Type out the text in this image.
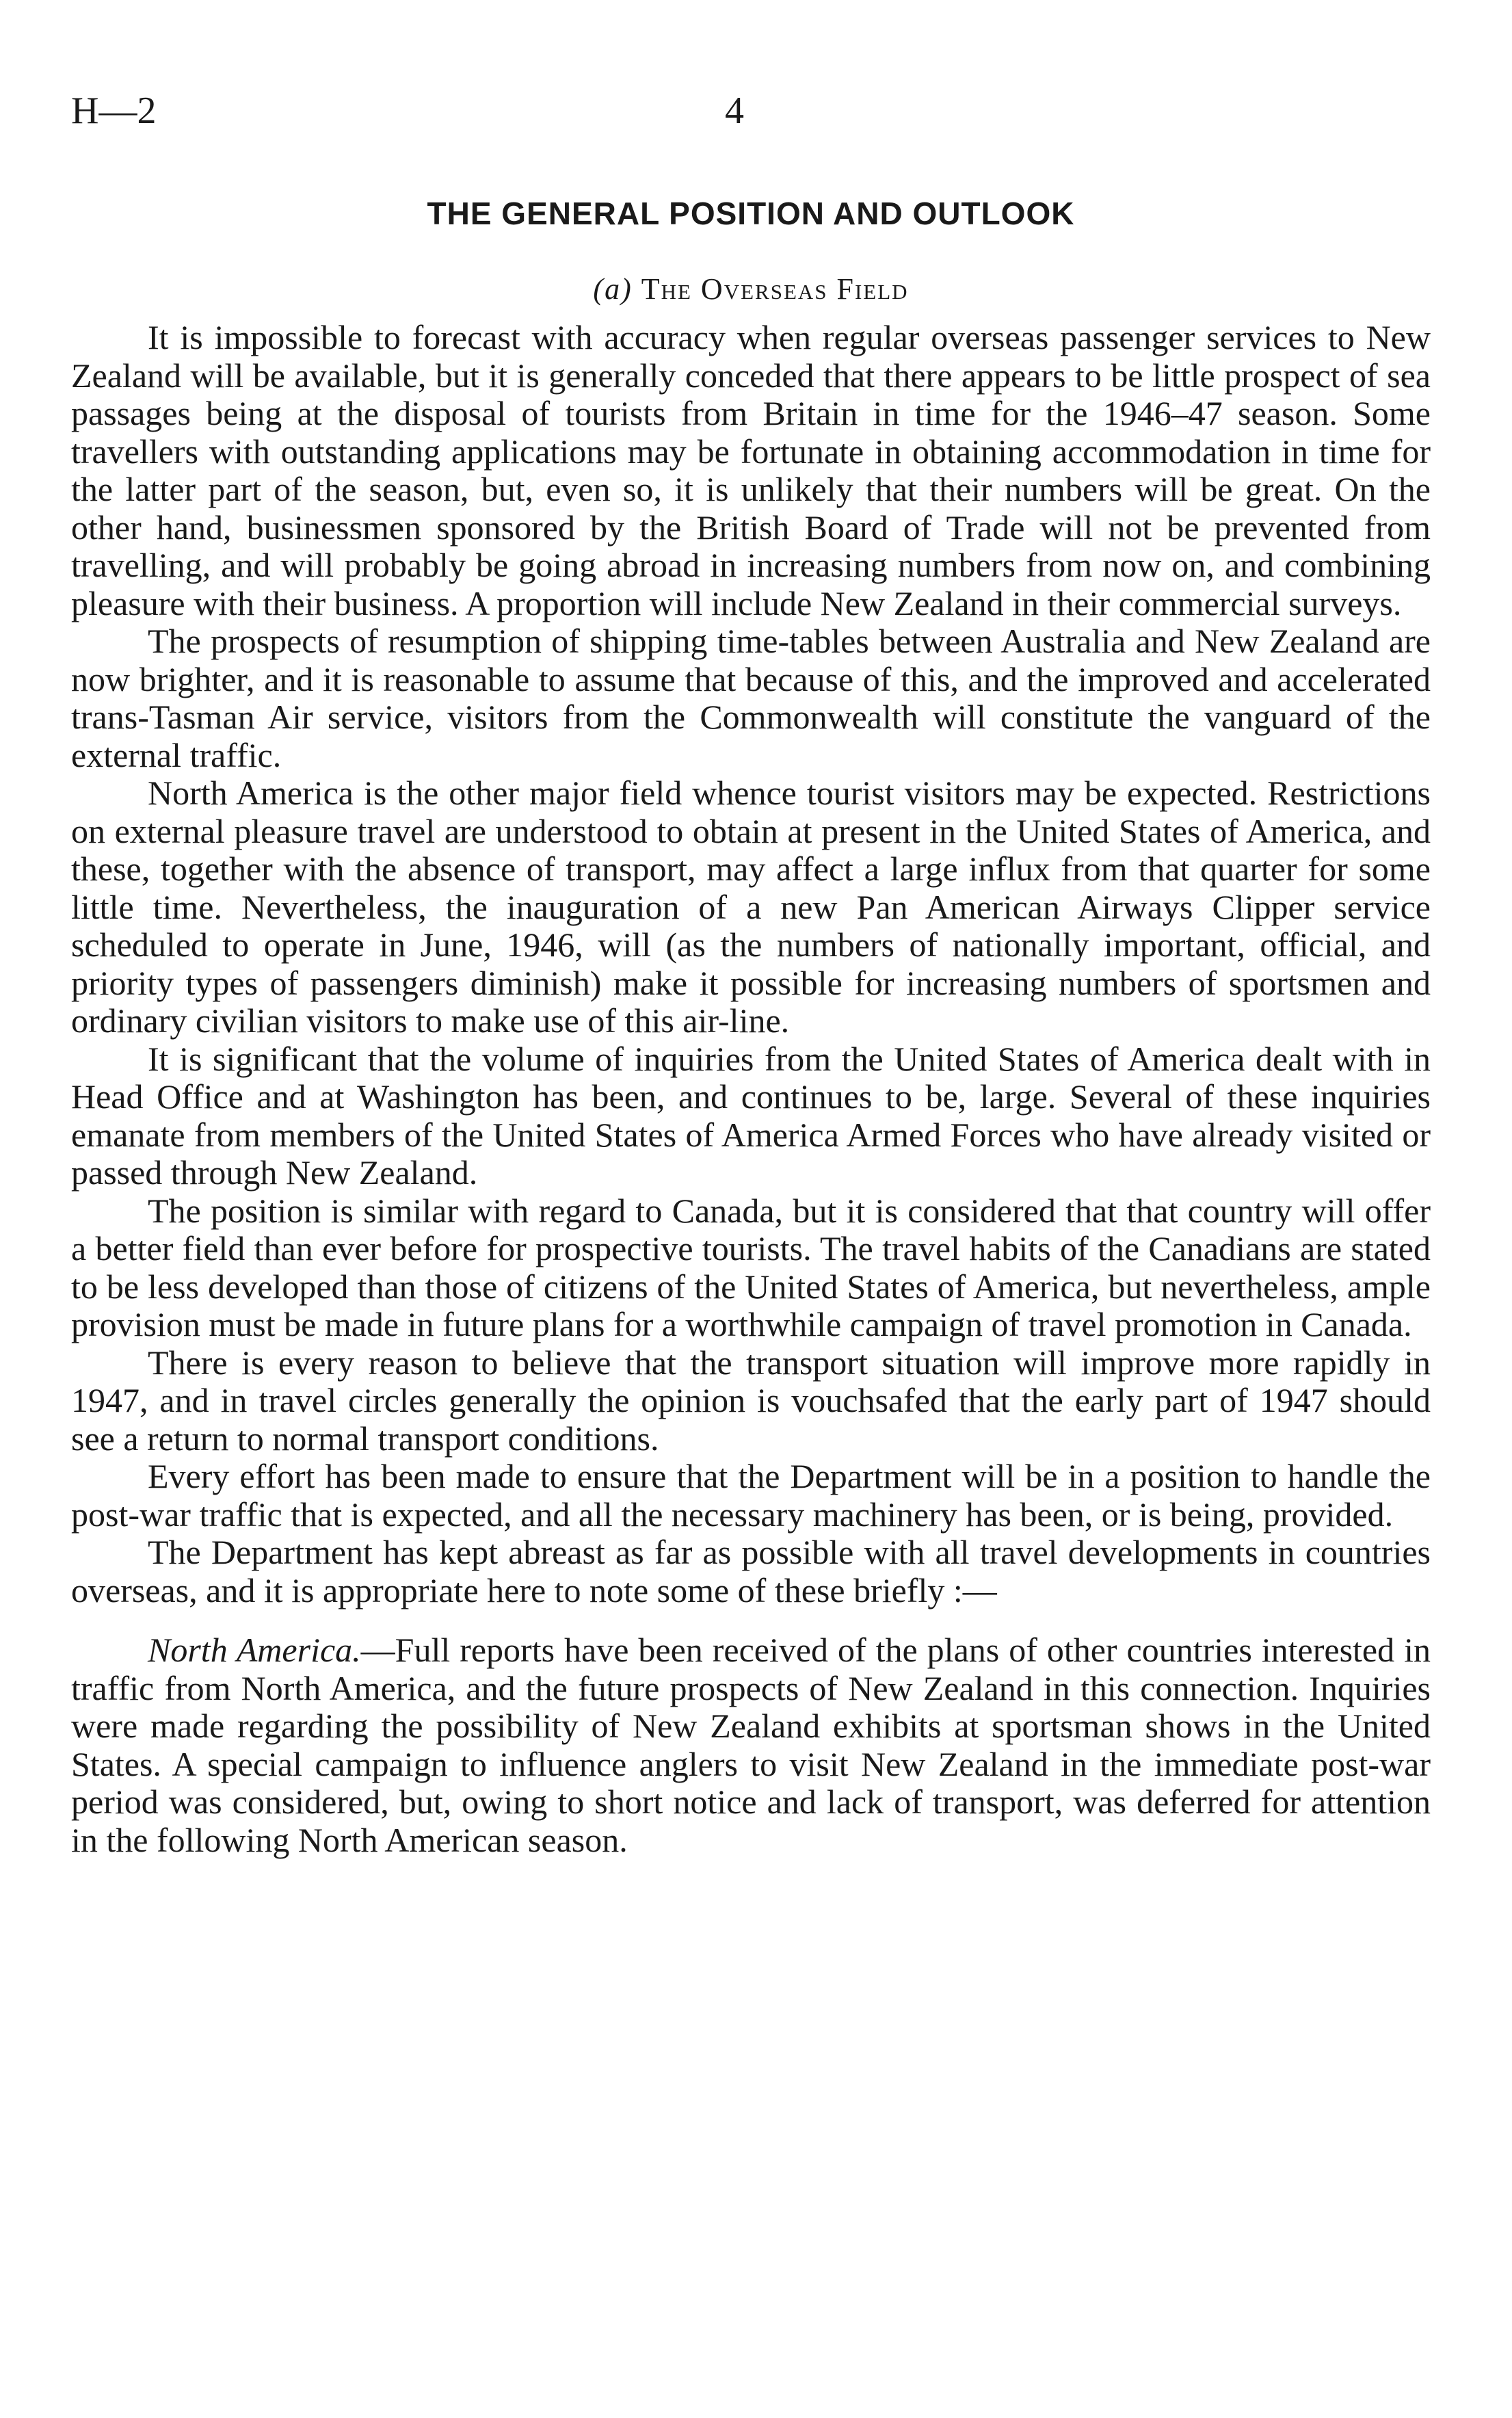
H—2	4
THE GENERAL POSITION AND OUTLOOK
(a) The Overseas Field

It is impossible to forecast with accuracy when regular overseas passenger services to New Zealand will be available, but it is generally conceded that there appears to be little prospect of sea passages being at the disposal of tourists from Britain in time for the 1946–47 season. Some travellers with outstanding applications may be fortunate in obtaining accommodation in time for the latter part of the season, but, even so, it is unlikely that their numbers will be great. On the other hand, businessmen sponsored by the British Board of Trade will not be prevented from travelling, and will probably be going abroad in increasing numbers from now on, and combining pleasure with their business. A proportion will include New Zealand in their commercial surveys.

The prospects of resumption of shipping time-tables between Australia and New Zealand are now brighter, and it is reasonable to assume that because of this, and the improved and accelerated trans-Tasman Air service, visitors from the Commonwealth will constitute the vanguard of the external traffic.

North America is the other major field whence tourist visitors may be expected. Restrictions on external pleasure travel are understood to obtain at present in the United States of America, and these, together with the absence of transport, may affect a large influx from that quarter for some little time. Nevertheless, the inauguration of a new Pan American Airways Clipper service scheduled to operate in June, 1946, will (as the numbers of nationally important, official, and priority types of passengers diminish) make it possible for increasing numbers of sportsmen and ordinary civilian visitors to make use of this air-line.

It is significant that the volume of inquiries from the United States of America dealt with in Head Office and at Washington has been, and continues to be, large. Several of these inquiries emanate from members of the United States of America Armed Forces who have already visited or passed through New Zealand.

The position is similar with regard to Canada, but it is considered that that country will offer a better field than ever before for prospective tourists. The travel habits of the Canadians are stated to be less developed than those of citizens of the United States of America, but nevertheless, ample provision must be made in future plans for a worthwhile campaign of travel promotion in Canada.

There is every reason to believe that the transport situation will improve more rapidly in 1947, and in travel circles generally the opinion is vouchsafed that the early part of 1947 should see a return to normal transport conditions.

Every effort has been made to ensure that the Department will be in a position to handle the post-war traffic that is expected, and all the necessary machinery has been, or is being, provided.

The Department has kept abreast as far as possible with all travel developments in countries overseas, and it is appropriate here to note some of these briefly :—

North America.—Full reports have been received of the plans of other countries interested in traffic from North America, and the future prospects of New Zealand in this connection. Inquiries were made regarding the possibility of New Zealand exhibits at sportsman shows in the United States. A special campaign to influence anglers to visit New Zealand in the immediate post-war period was considered, but, owing to short notice and lack of transport, was deferred for attention in the following North American season.
